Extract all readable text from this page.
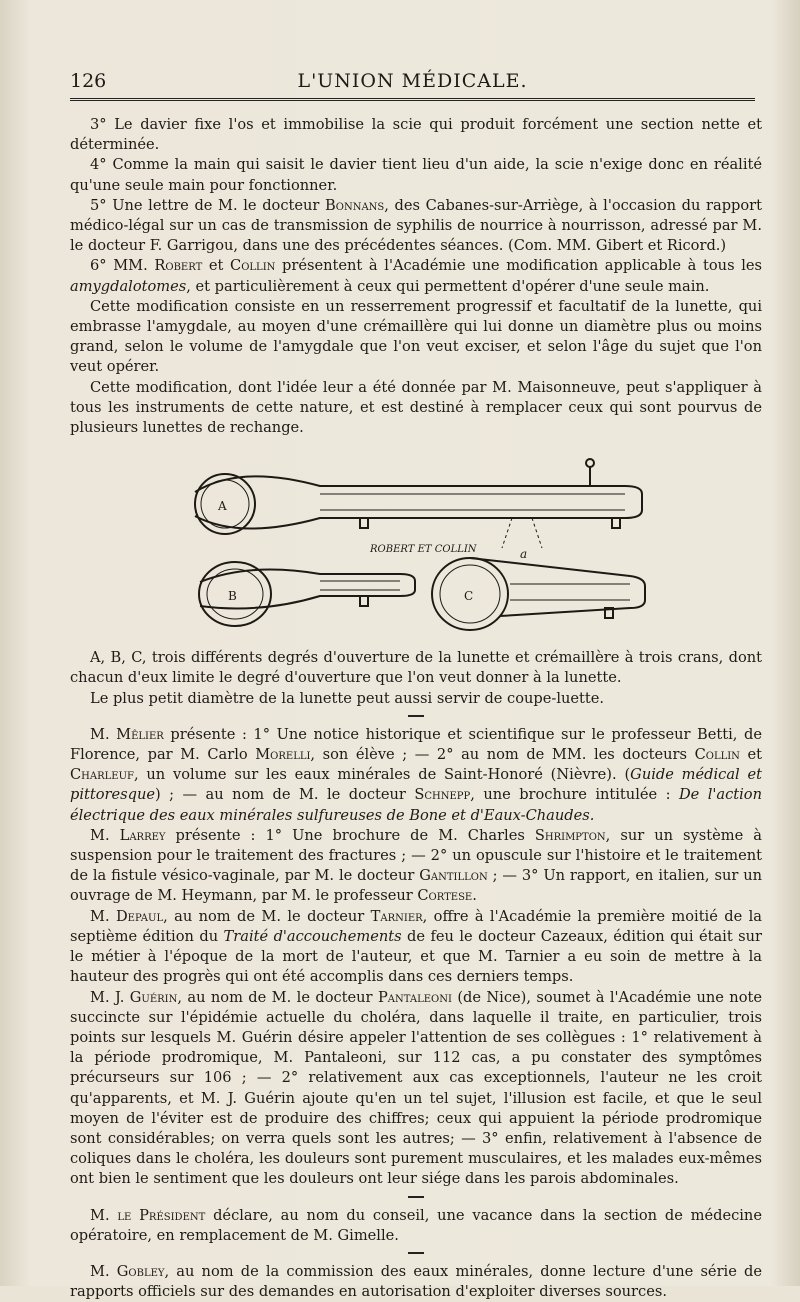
126	L'UNION MÉDICALE.

3° Le davier fixe l'os et immobilise la scie qui produit forcément une section nette et déterminée.

4° Comme la main qui saisit le davier tient lieu d'un aide, la scie n'exige donc en réalité qu'une seule main pour fonctionner.

5° Une lettre de M. le docteur Bonnans, des Cabanes-sur-Arriège, à l'occasion du rapport médico-légal sur un cas de transmission de syphilis de nourrice à nourrisson, adressé par M. le docteur F. Garrigou, dans une des précédentes séances. (Com. MM. Gibert et Ricord.)

6° MM. Robert et Collin présentent à l'Académie une modification applicable à tous les amygdalotomes, et particulièrement à ceux qui permettent d'opérer d'une seule main.

Cette modification consiste en un resserrement progressif et facultatif de la lunette, qui embrasse l'amygdale, au moyen d'une crémaillère qui lui donne un diamètre plus ou moins grand, selon le volume de l'amygdale que l'on veut exciser, et selon l'âge du sujet que l'on veut opérer.

Cette modification, dont l'idée leur a été donnée par M. Maisonneuve, peut s'appliquer à tous les instruments de cette nature, et est destiné à remplacer ceux qui sont pourvus de plusieurs lunettes de rechange.

A
B	C
a
ROBERT ET COLLIN

A, B, C, trois différents degrés d'ouverture de la lunette et crémaillère à trois crans, dont chacun d'eux limite le degré d'ouverture que l'on veut donner à la lunette.

Le plus petit diamètre de la lunette peut aussi servir de coupe-luette.

M. Mêlier présente : 1° Une notice historique et scientifique sur le professeur Betti, de Florence, par M. Carlo Morelli, son élève ; — 2° au nom de MM. les docteurs Collin et Charleuf, un volume sur les eaux minérales de Saint-Honoré (Nièvre). (Guide médical et pittoresque) ; — au nom de M. le docteur Schnepp, une brochure intitulée : De l'action électrique des eaux minérales sulfureuses de Bone et d'Eaux-Chaudes.

M. Larrey présente : 1° Une brochure de M. Charles Shrimpton, sur un système à suspension pour le traitement des fractures ; — 2° un opuscule sur l'histoire et le traitement de la fistule vésico-vaginale, par M. le docteur Gantillon ; — 3° Un rapport, en italien, sur un ouvrage de M. Heymann, par M. le professeur Cortese.

M. Depaul, au nom de M. le docteur Tarnier, offre à l'Académie la première moitié de la septième édition du Traité d'accouchements de feu le docteur Cazeaux, édition qui était sur le métier à l'époque de la mort de l'auteur, et que M. Tarnier a eu soin de mettre à la hauteur des progrès qui ont été accomplis dans ces derniers temps.

M. J. Guérin, au nom de M. le docteur Pantaleoni (de Nice), soumet à l'Académie une note succincte sur l'épidémie actuelle du choléra, dans laquelle il traite, en particulier, trois points sur lesquels M. Guérin désire appeler l'attention de ses collègues : 1° relativement à la période prodromique, M. Pantaleoni, sur 112 cas, a pu constater des symptômes précurseurs sur 106 ; — 2° relativement aux cas exceptionnels, l'auteur ne les croit qu'apparents, et M. J. Guérin ajoute qu'en un tel sujet, l'illusion est facile, et que le seul moyen de l'éviter est de produire des chiffres; ceux qui appuient la période prodromique sont considérables; on verra quels sont les autres; — 3° enfin, relativement à l'absence de coliques dans le choléra, les douleurs sont purement musculaires, et les malades eux-mêmes ont bien le sentiment que les douleurs ont leur siége dans les parois abdominales.

M. le Président déclare, au nom du conseil, une vacance dans la section de médecine opératoire, en remplacement de M. Gimelle.

M. Gobley, au nom de la commission des eaux minérales, donne lecture d'une série de rapports officiels sur des demandes en autorisation d'exploiter diverses sources.
